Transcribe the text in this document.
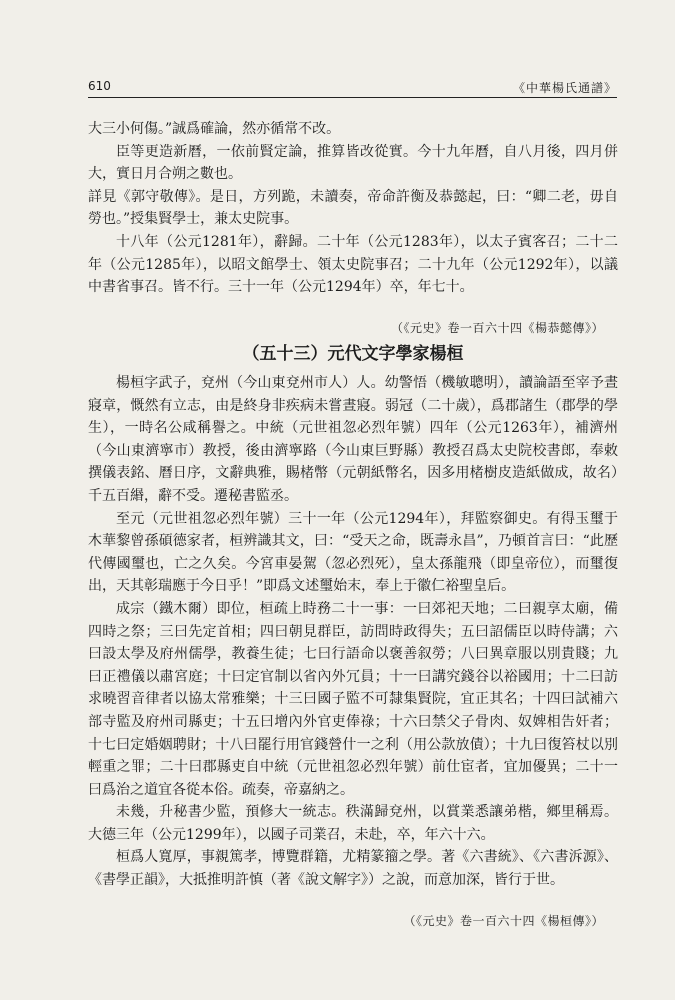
610	《中華楊氏通譜》

大三小何傷。”誠爲確論，然亦循常不改。

臣等更造新曆，一依前賢定論，推算皆改從實。今十九年曆，自八月後，四月併大，實日月合朔之數也。

詳見《郭守敬傳》。是日，方列跪，未讀奏，帝命許衡及恭懿起，曰：“卿二老，毋自勞也。”授集賢學士，兼太史院事。

十八年（公元1281年），辭歸。二十年（公元1283年），以太子賓客召；二十二年（公元1285年），以昭文館學士、領太史院事召；二十九年（公元1292年），以議中書省事召。皆不行。三十一年（公元1294年）卒，年七十。

（《元史》卷一百六十四《楊恭懿傳》）

（五十三）元代文字學家楊桓

楊桓字武子，兗州（今山東兗州市人）人。幼警悟（機敏聰明），讀論語至宰予晝寢章，慨然有立志，由是終身非疾病未嘗晝寢。弱冠（二十歲），爲郡諸生（郡學的學生），一時名公咸稱譽之。中統（元世祖忽必烈年號）四年（公元1263年），補濟州（今山東濟寧市）教授，後由濟寧路（今山東巨野縣）教授召爲太史院校書郎，奉敕撰儀表銘、曆日序，文辭典雅，賜楮幣（元朝紙幣名，因多用楮樹皮造紙做成，故名）千五百緡，辭不受。遷秘書監丞。

至元（元世祖忽必烈年號）三十一年（公元1294年），拜監察御史。有得玉璽于木華黎曾孫碩德家者，桓辨識其文，曰：“受天之命，既壽永昌”，乃頓首言曰：“此歷代傳國璽也，亡之久矣。今宮車晏駕（忽必烈死），皇太孫龍飛（即皇帝位），而璽復出，天其彰瑞應于今日乎！”即爲文述璽始末，奉上于徽仁裕聖皇后。

成宗（鐵木爾）即位，桓疏上時務二十一事：一曰郊祀天地；二曰親享太廟，備四時之祭；三曰先定首相；四曰朝見群臣，訪問時政得失；五曰詔儒臣以時侍講；六曰設太學及府州儒學，教養生徒；七曰行語命以褒善叙勞；八曰異章服以別貴賤；九曰正禮儀以肅宮庭；十曰定官制以省內外冗員；十一曰講究錢谷以裕國用；十二曰訪求曉習音律者以協太常雅樂；十三曰國子監不可隸集賢院，宜正其名；十四曰試補六部寺監及府州司縣吏；十五曰增內外官吏俸祿；十六曰禁父子骨肉、奴婢相告奸者；十七曰定婚姻聘財；十八曰罷行用官錢營什一之利（用公款放債）；十九曰復笞杖以別輕重之罪；二十曰郡縣吏自中統（元世祖忽必烈年號）前仕宦者，宜加優異；二十一曰爲治之道宜各從本俗。疏奏，帝嘉納之。

未幾，升秘書少監，預修大一統志。秩滿歸兗州，以賞業悉讓弟楷，鄉里稱焉。大德三年（公元1299年），以國子司業召，未赴，卒，年六十六。

桓爲人寬厚，事親篤孝，博覽群籍，尤精篆籀之學。著《六書統》、《六書泝源》、《書學正韻》，大抵推明許慎（著《說文解字》）之說，而意加深，皆行于世。

（《元史》卷一百六十四《楊桓傳》）
